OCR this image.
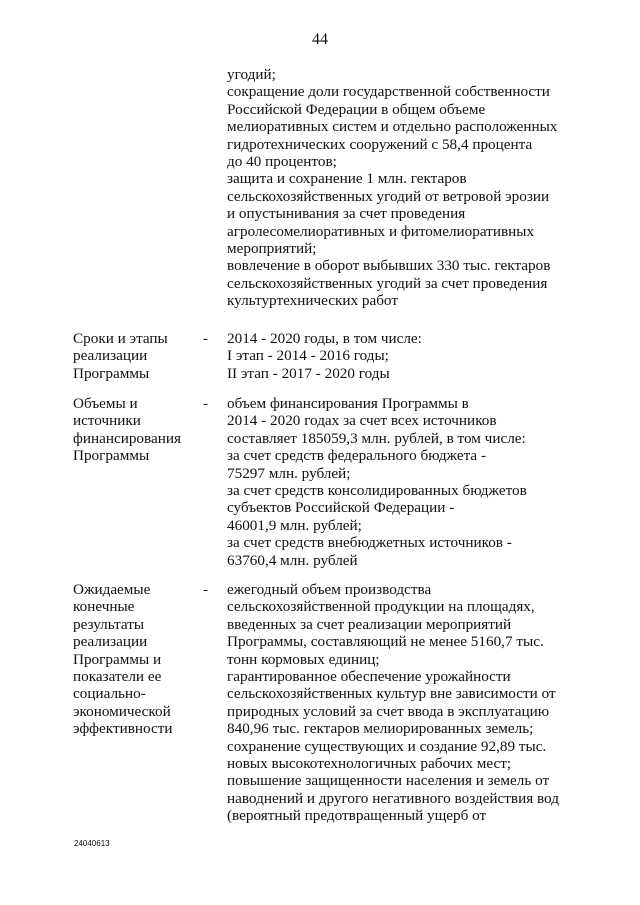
44
угодий;
сокращение доли государственной собственности
Российской Федерации в общем объеме
мелиоративных систем и отдельно расположенных
гидротехнических сооружений с 58,4 процента
до 40 процентов;
защита и сохранение 1 млн. гектаров
сельскохозяйственных угодий от ветровой эрозии
и опустынивания за счет проведения
агролесомелиоративных и фитомелиоративных
мероприятий;
вовлечение в оборот выбывших 330 тыс. гектаров
сельскохозяйственных угодий за счет проведения
культуртехнических работ
Сроки и этапы
реализации
Программы
- 2014 - 2020 годы, в том числе:
I этап - 2014 - 2016 годы;
II этап - 2017 - 2020 годы
Объемы и
источники
финансирования
Программы
- объем финансирования Программы в
2014 - 2020 годах за счет всех источников
составляет 185059,3 млн. рублей, в том числе:
за счет средств федерального бюджета -
75297 млн. рублей;
за счет средств консолидированных бюджетов
субъектов Российской Федерации -
46001,9 млн. рублей;
за счет средств внебюджетных источников -
63760,4 млн. рублей
Ожидаемые
конечные
результаты
реализации
Программы и
показатели ее
социально-
экономической
эффективности
- ежегодный объем производства
сельскохозяйственной продукции на площадях,
введенных за счет реализации мероприятий
Программы, составляющий не менее 5160,7 тыс.
тонн кормовых единиц;
гарантированное обеспечение урожайности
сельскохозяйственных культур вне зависимости от
природных условий за счет ввода в эксплуатацию
840,96 тыс. гектаров мелиорированных земель;
сохранение существующих и создание 92,89 тыс.
новых высокотехнологичных рабочих мест;
повышение защищенности населения и земель от
наводнений и другого негативного воздействия вод
(вероятный предотвращенный ущерб от
24040613
